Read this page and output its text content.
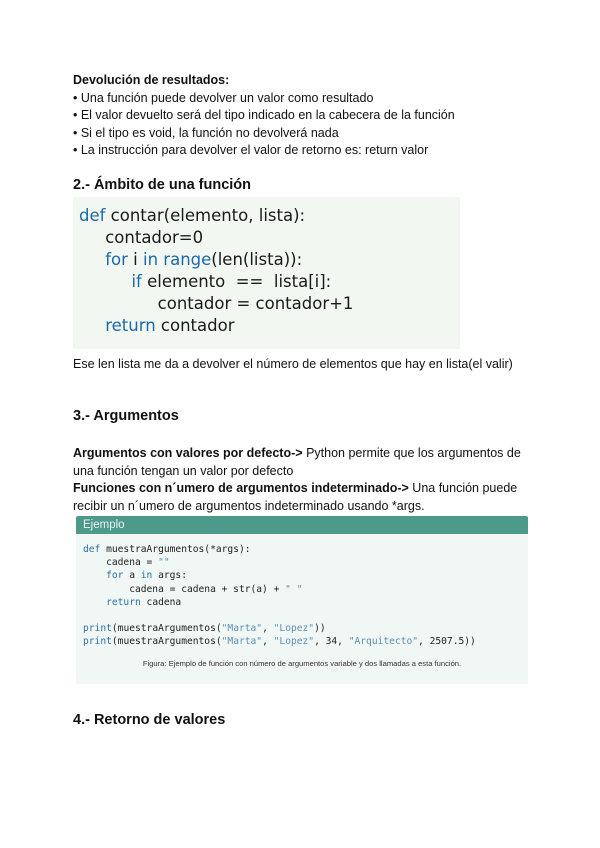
Devolución de resultados:

• Una función puede devolver un valor como resultado

• El valor devuelto será del tipo indicado en la cabecera de la función

• Si el tipo es void, la función no devolverá nada

• La instrucción para devolver el valor de retorno es: return valor

2.- Ámbito de una función

def contar(elemento, lista):
contador=0
for i in range(len(lista)):
if elemento  ==  lista[i]:
contador = contador+1
return contador

Ese len lista me da a devolver el número de elementos que hay en lista(el valir)

3.- Argumentos

Argumentos con valores por defecto-> Python permite que los argumentos de una función tengan un valor por defecto

Funciones con n´umero de argumentos indeterminado-> Una función puede recibir un n´umero de argumentos indeterminado usando *args.

Ejemplo
def muestraArgumentos(*args):
cadena = ""
for a in args:
cadena = cadena + str(a) + " "
return cadena

print(muestraArgumentos("Marta", "Lopez"))
print(muestraArgumentos("Marta", "Lopez", 34, "Arquitecto", 2507.5))
Figura: Ejemplo de función con número de argumentos variable y dos llamadas a esta función.

4.- Retorno de valores
